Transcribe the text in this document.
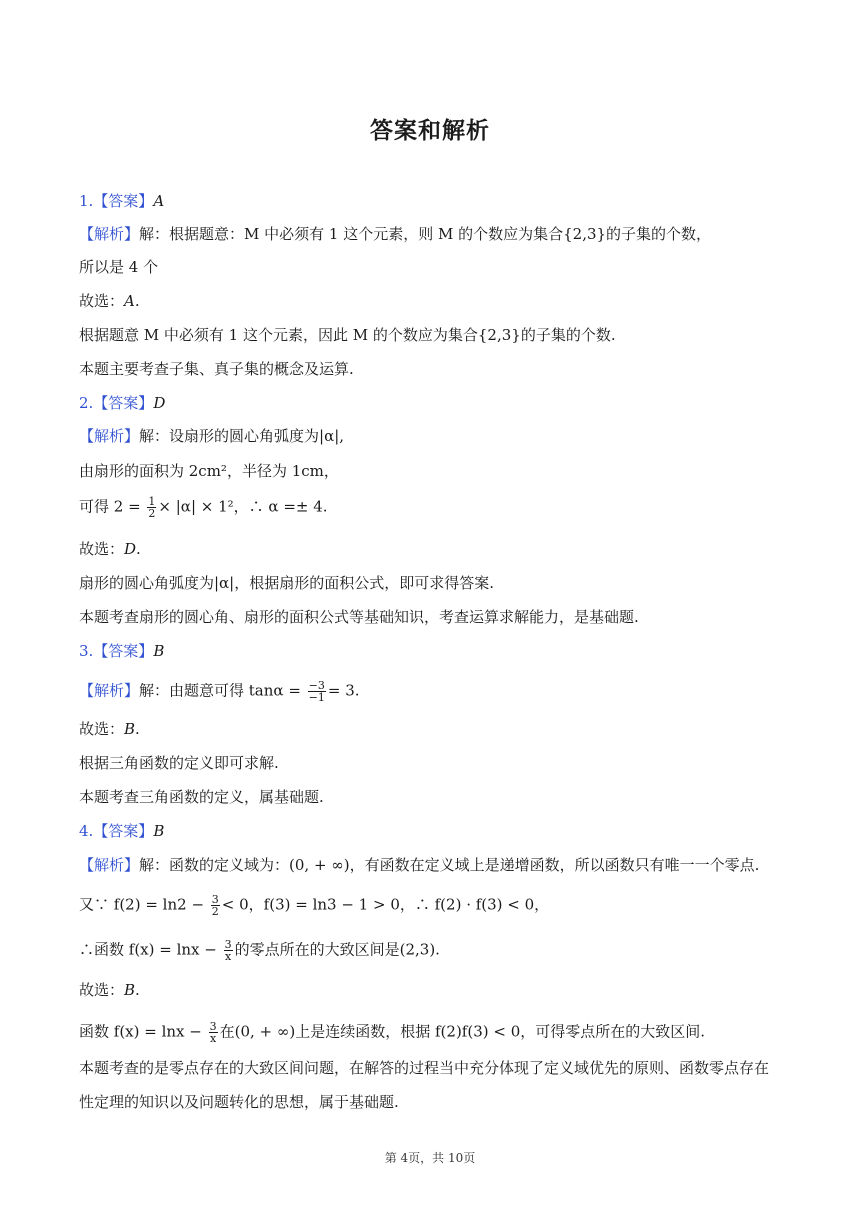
答案和解析
1.【答案】A
【解析】解：根据题意：M 中必须有 1 这个元素，则 M 的个数应为集合{2,3}的子集的个数，
所以是 4 个
故选：A.
根据题意 M 中必须有 1 这个元素，因此 M 的个数应为集合{2,3}的子集的个数.
本题主要考查子集、真子集的概念及运算.
2.【答案】D
【解析】解：设扇形的圆心角弧度为|α|,
由扇形的面积为 2cm²，半径为 1cm，
可得 $2 = \frac{1}{2} \times |\alpha| \times 1^2$，∴ α =± 4.
故选：D.
扇形的圆心角弧度为|α|，根据扇形的面积公式，即可求得答案.
本题考查扇形的圆心角、扇形的面积公式等基础知识，考查运算求解能力，是基础题.
3.【答案】B
【解析】解：由题意可得 $\tan\alpha = \frac{-3}{-1} = 3$.
故选：B.
根据三角函数的定义即可求解.
本题考查三角函数的定义，属基础题.
4.【答案】B
【解析】解：函数的定义域为：(0, + ∞)，有函数在定义域上是递增函数，所以函数只有唯一一个零点.
又∵ $f(2) = \ln 2 - \frac{3}{2} < 0$，f(3) = ln3 − 1 > 0，∴ f(2) · f(3) < 0，
∴函数 $f(x) = \ln x - \frac{3}{x}$ 的零点所在的大致区间是(2,3).
故选：B.
函数 $f(x) = \ln x - \frac{3}{x}$ 在(0, + ∞)上是连续函数，根据 f(2)f(3) < 0，可得零点所在的大致区间.
本题考查的是零点存在的大致区间问题，在解答的过程当中充分体现了定义域优先的原则、函数零点存在
性定理的知识以及问题转化的思想，属于基础题.
第 4页，共 10页
